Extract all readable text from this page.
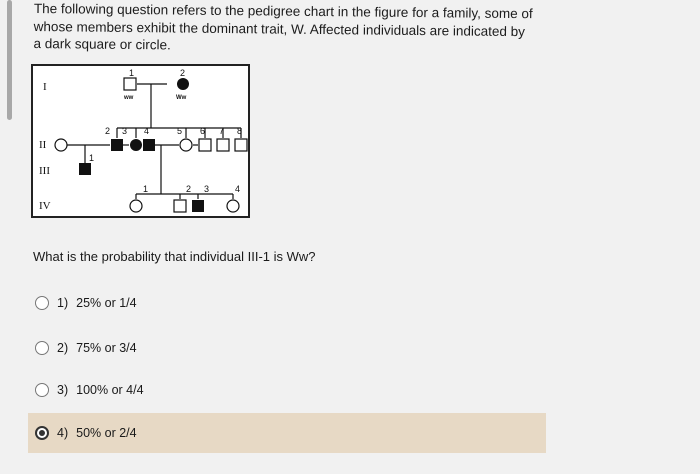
The following question refers to the pedigree chart in the figure for a family, some of
whose members exhibit the dominant trait, W. Affected individuals are indicated by
a dark square or circle.
I
II
III
IV
1
ww
2
Ww
2 3 4	5 6 7 8
1
1	2 3	4
What is the probability that individual III-1 is Ww?
1) 25% or 1/4
2) 75% or 3/4
3) 100% or 4/4
4) 50% or 2/4
